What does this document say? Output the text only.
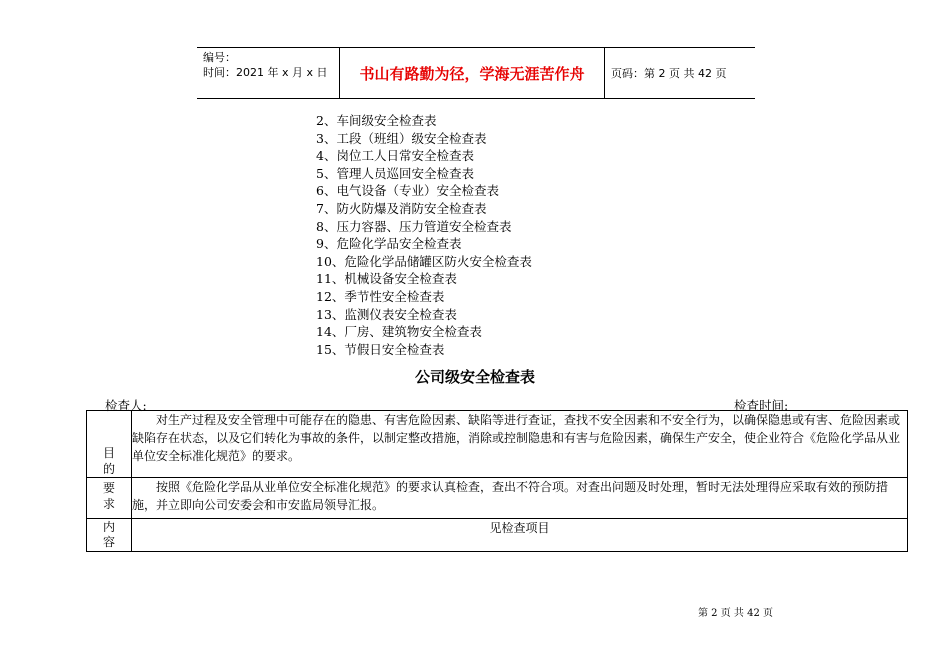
编号：
时间：2021 年 x 月 x 日	书山有路勤为径，学海无涯苦作舟	页码：第 2 页 共 42 页
2、车间级安全检查表
3、工段（班组）级安全检查表
4、岗位工人日常安全检查表
5、管理人员巡回安全检查表
6、电气设备（专业）安全检查表
7、防火防爆及消防安全检查表
8、压力容器、压力管道安全检查表
9、危险化学品安全检查表
10、危险化学品储罐区防火安全检查表
11、机械设备安全检查表
12、季节性安全检查表
13、监测仪表安全检查表
14、厂房、建筑物安全检查表
15、节假日安全检查表
公司级安全检查表
检查人:	检查时间:
目
的	对生产过程及安全管理中可能存在的隐患、有害危险因素、缺陷等进行查证，查找不安全因素和不安全行为，以确保隐患或有害、危险因素或缺陷存在状态，以及它们转化为事故的条件，以制定整改措施，消除或控制隐患和有害与危险因素，确保生产安全，使企业符合《危险化学品从业单位安全标准化规范》的要求。

要
求	按照《危险化学品从业单位安全标准化规范》的要求认真检查，查出不符合项。对查出问题及时处理，暂时无法处理得应采取有效的预防措施，并立即向公司安委会和市安监局领导汇报。

内
容	见检查项目
第 2 页 共 42 页
